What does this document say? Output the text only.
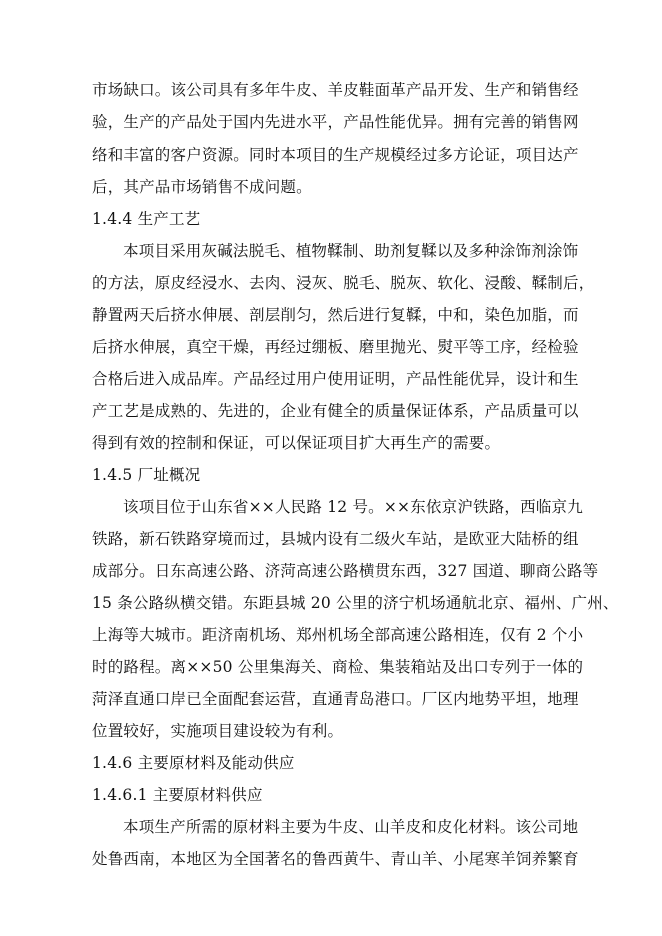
市场缺口。该公司具有多年牛皮、羊皮鞋面革产品开发、生产和销售经
验，生产的产品处于国内先进水平，产品性能优异。拥有完善的销售网
络和丰富的客户资源。同时本项目的生产规模经过多方论证，项目达产
后，其产品市场销售不成问题。
1.4.4 生产工艺
本项目采用灰碱法脱毛、植物鞣制、助剂复鞣以及多种涂饰剂涂饰
的方法，原皮经浸水、去肉、浸灰、脱毛、脱灰、软化、浸酸、鞣制后，
静置两天后挤水伸展、剖层削匀，然后进行复鞣，中和，染色加脂，而
后挤水伸展，真空干燥，再经过绷板、磨里抛光、熨平等工序，经检验
合格后进入成品库。产品经过用户使用证明，产品性能优异，设计和生
产工艺是成熟的、先进的，企业有健全的质量保证体系，产品质量可以
得到有效的控制和保证，可以保证项目扩大再生产的需要。
1.4.5 厂址概况
该项目位于山东省××人民路 12 号。××东依京沪铁路，西临京九
铁路，新石铁路穿境而过，县城内设有二级火车站，是欧亚大陆桥的组
成部分。日东高速公路、济菏高速公路横贯东西，327 国道、聊商公路等
15 条公路纵横交错。东距县城 20 公里的济宁机场通航北京、福州、广州、
上海等大城市。距济南机场、郑州机场全部高速公路相连，仅有 2 个小
时的路程。离××50 公里集海关、商检、集装箱站及出口专列于一体的
菏泽直通口岸已全面配套运营，直通青岛港口。厂区内地势平坦，地理
位置较好，实施项目建设较为有利。
1.4.6 主要原材料及能动供应
1.4.6.1 主要原材料供应
本项生产所需的原材料主要为牛皮、山羊皮和皮化材料。该公司地
处鲁西南，本地区为全国著名的鲁西黄牛、青山羊、小尾寒羊饲养繁育
